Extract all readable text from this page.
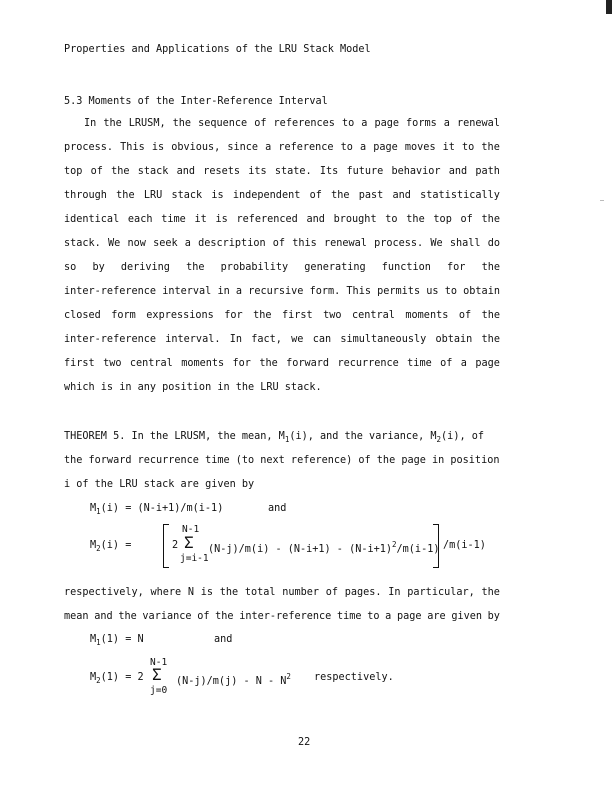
Properties and Applications of the LRU Stack Model
5.3 Moments of the Inter-Reference Interval
In the LRUSM, the sequence of references to a page forms a renewal
process. This is obvious, since a reference to a page moves it to the
top of the stack and resets its state. Its future behavior and path
through the LRU stack is independent of the past and statistically
identical each time it is referenced and brought to the top of the
stack. We now seek a description of this renewal process. We shall do
so by deriving the probability generating function for the
inter-reference interval in a recursive form. This permits us to obtain
closed form expressions for the first two central moments of the
inter-reference interval. In fact, we can simultaneously obtain the
first two central moments for the forward recurrence time of a page
which is in any position in the LRU stack.
THEOREM 5. In the LRUSM, the mean, $M_1(i)$, and the variance, $M_2(i)$, of
the forward recurrence time (to next reference) of the page in position
i of the LRU stack are given by
$M_1(i) = (N-i+1)/m(i-1)$	and
$M_2(i)$ =	2
N-1
Σ
j=i-1
$(N-j)/m(i) - (N-i+1) - (N-i+1)^2/m(i-1)$ /m(i-1)
respectively, where N is the total number of pages. In particular, the
mean and the variance of the inter-reference time to a page are given by
$M_1(1) = N$	and
$M_2(1) = 2$
N-1
Σ
j=0
(N-j)/m(j) - N - $N^2$ respectively.
22
